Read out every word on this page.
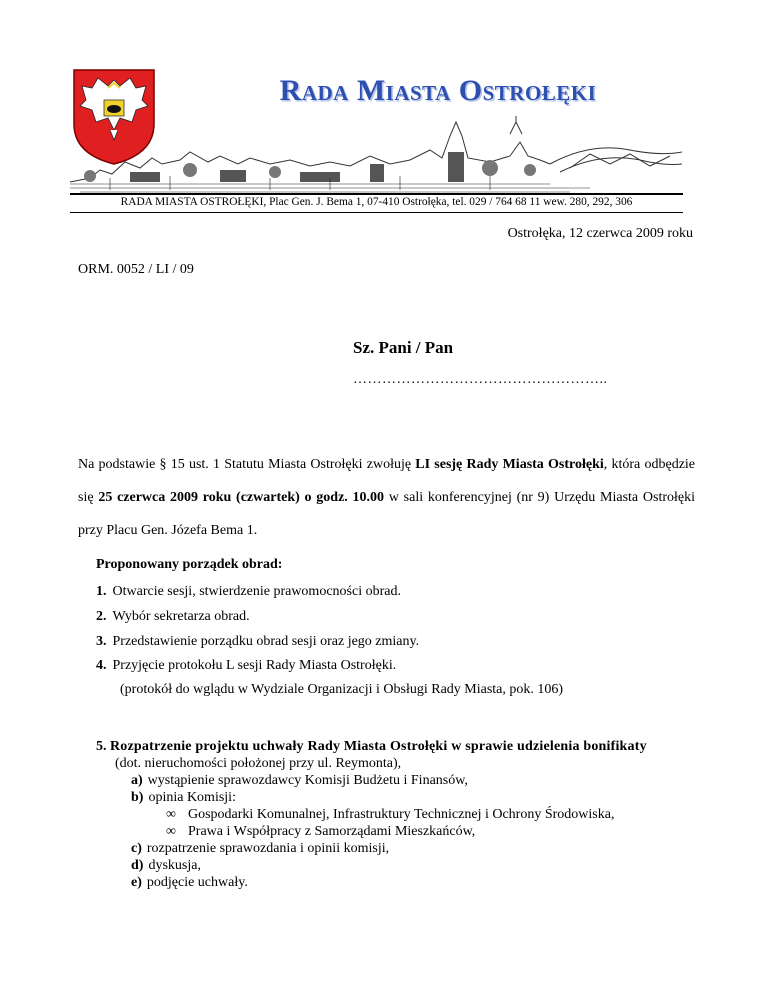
Rada Miasta Ostrołęki
RADA MIASTA OSTROŁĘKI, Plac Gen. J. Bema 1, 07-410 Ostrołęka, tel. 029 / 764 68 11 wew. 280, 292, 306
Ostrołęka, 12 czerwca 2009 roku
ORM. 0052 / LI / 09
Sz. Pani / Pan
……………………………………………..
Na podstawie § 15 ust. 1 Statutu Miasta Ostrołęki zwołuję LI sesję Rady Miasta Ostrołęki, która odbędzie się 25 czerwca 2009 roku (czwartek) o godz. 10.00 w sali konferencyjnej (nr 9) Urzędu Miasta Ostrołęki przy Placu Gen. Józefa Bema 1.
Proponowany porządek obrad:
1. Otwarcie sesji, stwierdzenie prawomocności obrad.
2. Wybór sekretarza obrad.
3. Przedstawienie porządku obrad sesji oraz jego zmiany.
4. Przyjęcie protokołu L sesji Rady Miasta Ostrołęki.
(protokół do wglądu w Wydziale Organizacji i Obsługi Rady Miasta, pok. 106)
5. Rozpatrzenie projektu uchwały Rady Miasta Ostrołęki w sprawie udzielenia bonifikaty
(dot. nieruchomości położonej przy ul. Reymonta),
a) wystąpienie sprawozdawcy Komisji Budżetu i Finansów,
b) opinia Komisji:
∞ Gospodarki Komunalnej, Infrastruktury Technicznej i Ochrony Środowiska,
∞ Prawa i Współpracy z Samorządami Mieszkańców,
c) rozpatrzenie sprawozdania i opinii komisji,
d) dyskusja,
e) podjęcie uchwały.
